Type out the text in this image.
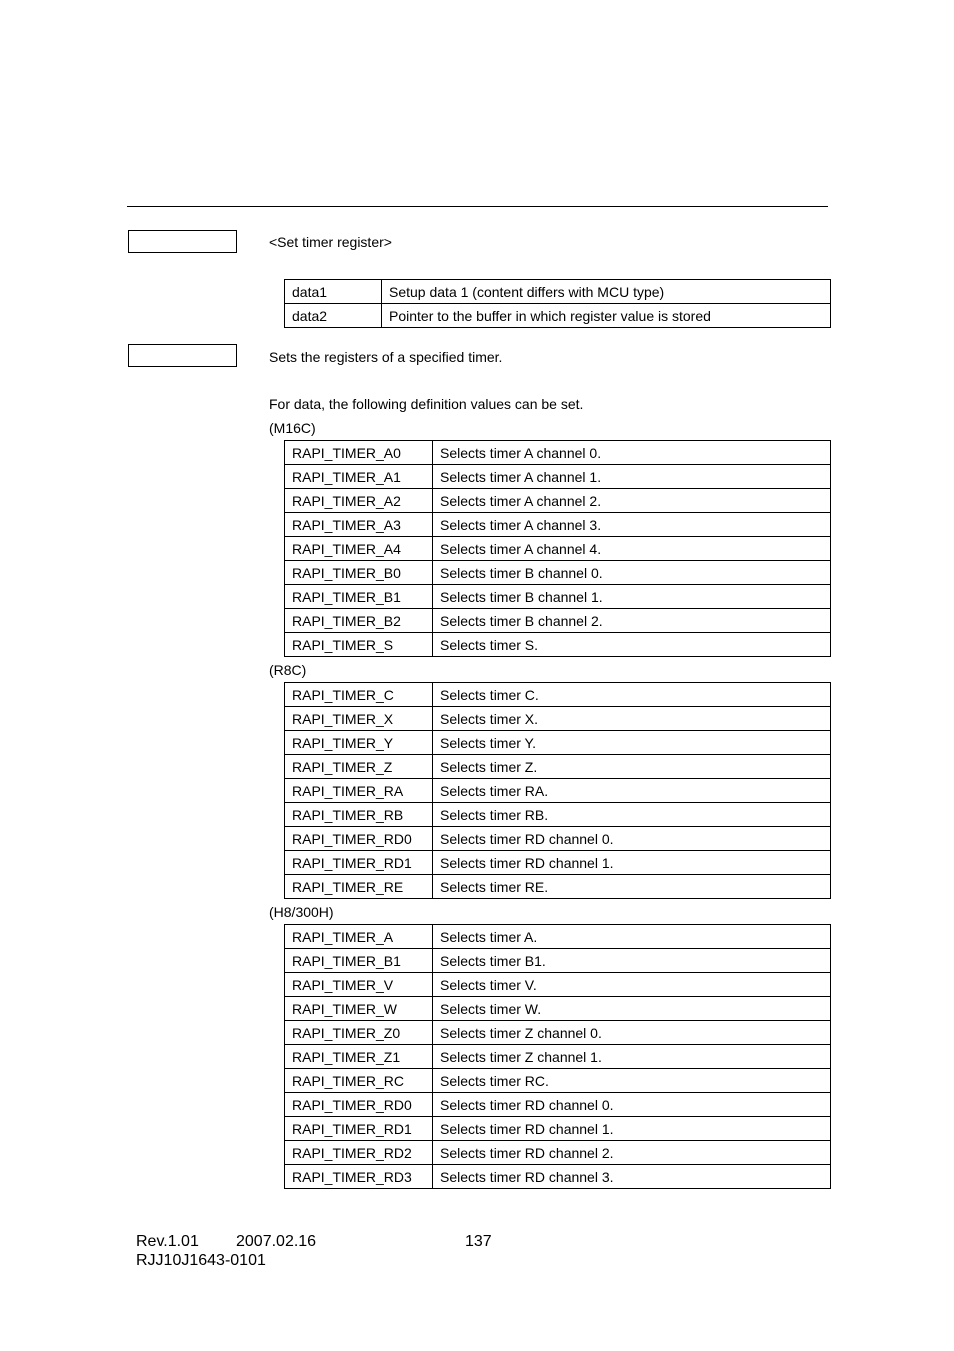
<Set timer register>
data1	Setup data 1 (content differs with MCU type)
data2	Pointer to the buffer in which register value is stored
Sets the registers of a specified timer.
For data, the following definition values can be set.
(M16C)
RAPI_TIMER_A0	Selects timer A channel 0.
RAPI_TIMER_A1	Selects timer A channel 1.
RAPI_TIMER_A2	Selects timer A channel 2.
RAPI_TIMER_A3	Selects timer A channel 3.
RAPI_TIMER_A4	Selects timer A channel 4.
RAPI_TIMER_B0	Selects timer B channel 0.
RAPI_TIMER_B1	Selects timer B channel 1.
RAPI_TIMER_B2	Selects timer B channel 2.
RAPI_TIMER_S	Selects timer S.
(R8C)
RAPI_TIMER_C	Selects timer C.
RAPI_TIMER_X	Selects timer X.
RAPI_TIMER_Y	Selects timer Y.
RAPI_TIMER_Z	Selects timer Z.
RAPI_TIMER_RA	Selects timer RA.
RAPI_TIMER_RB	Selects timer RB.
RAPI_TIMER_RD0	Selects timer RD channel 0.
RAPI_TIMER_RD1	Selects timer RD channel 1.
RAPI_TIMER_RE	Selects timer RE.
(H8/300H)
RAPI_TIMER_A	Selects timer A.
RAPI_TIMER_B1	Selects timer B1.
RAPI_TIMER_V	Selects timer V.
RAPI_TIMER_W	Selects timer W.
RAPI_TIMER_Z0	Selects timer Z channel 0.
RAPI_TIMER_Z1	Selects timer Z channel 1.
RAPI_TIMER_RC	Selects timer RC.
RAPI_TIMER_RD0	Selects timer RD channel 0.
RAPI_TIMER_RD1	Selects timer RD channel 1.
RAPI_TIMER_RD2	Selects timer RD channel 2.
RAPI_TIMER_RD3	Selects timer RD channel 3.
Rev.1.01 2007.02.16	137
RJJ10J1643-0101
